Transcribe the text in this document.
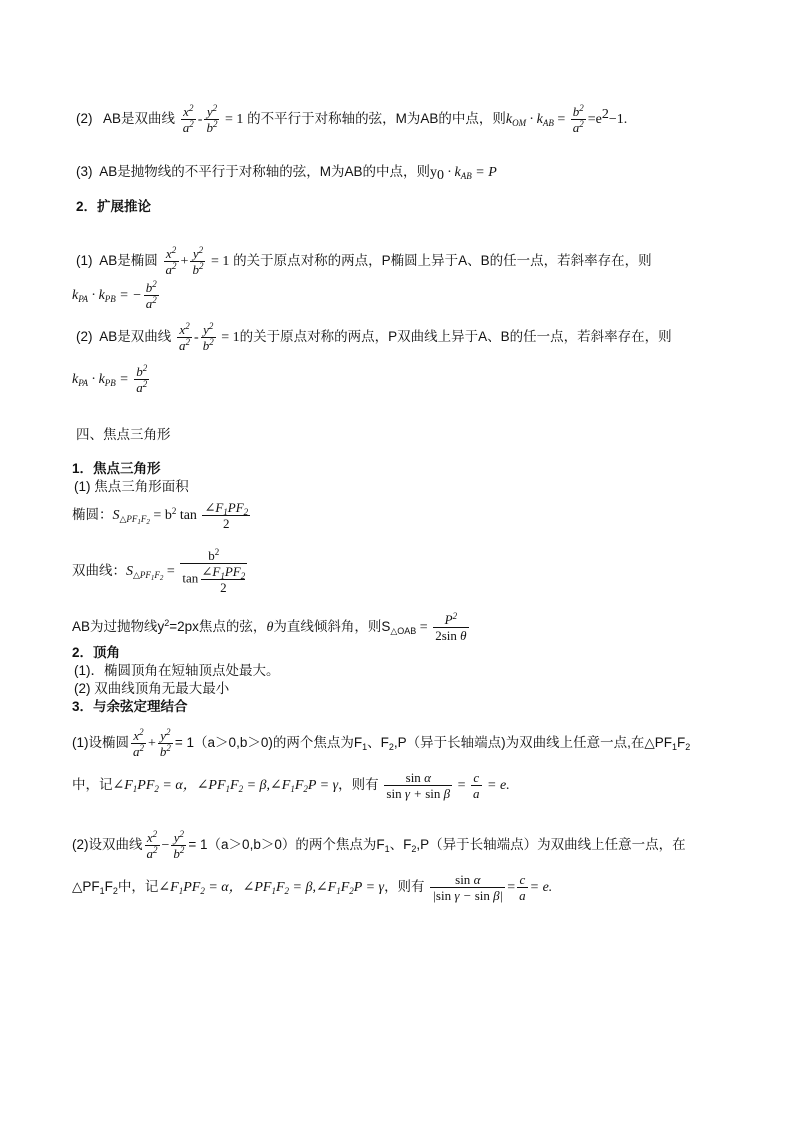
(2) AB是双曲线 $\frac{x^2}{a^2} - \frac{y^2}{b^2} = 1$ 的不平行于对称轴的弦，M为AB的中点，则$k_{OM} \cdot k_{AB} = \frac{b^2}{a^2} =e^2-1$.
(3) AB是抛物线的不平行于对称轴的弦，M为AB的中点，则$y_0 \cdot k_{AB} = P$
2．扩展推论
(1) AB是椭圆 $\frac{x^2}{a^2} + \frac{y^2}{b^2} = 1$ 的关于原点对称的两点，P椭圆上异于A、B的任一点，若斜率存在，则
$k_{PA} \cdot k_{PB}$ = − $\frac{b^2}{a^2}$
(2) AB是双曲线 $\frac{x^2}{a^2} - \frac{y^2}{b^2} = 1$的关于原点对称的两点，P双曲线上异于A、B的任一点，若斜率存在，则
$k_{PA} \cdot k_{PB} = \frac{b^2}{a^2}$
四、焦点三角形
1．焦点三角形
(1) 焦点三角形面积
椭圆：$S_{\triangle PF_1F_2} = b^2$ $\tan \frac{\angle F_1PF_2}{2}$
双曲线：$S_{\triangle PF_1F_2} = \frac{b^2}{\tan \frac{\angle F_1PF_2}{2}}$
AB为过抛物线$y^2=2px$焦点的弦，θ为直线倾斜角，则$S_{\triangle OAB} = \frac{P^2}{\text{2sin θ}}$
2．顶角
(1)．椭圆顶角在短轴顶点处最大。
(2) 双曲线顶角无最大最小
3．与余弦定理结合
(1)设椭圆 $\frac{x^2}{a^2} + \frac{y^2}{b^2} = 1(a>0,b>0)$的两个焦点为$F_1$、$F_2,P$（异于长轴端点)为双曲线上任意一点,在$\triangle PF_1F_2$
中，记$\angle F_1PF_2 = \alpha$，$\angle PF_1F_2$ = $\beta,\angle F_1F_2P = \gamma$，则有 $\frac{\text{sin α}}{\text{sin γ + sin β}} = \frac{c}{a} = e$.
(2)设双曲线 $\frac{x^2}{a^2} - \frac{y^2}{b^2} = 1(a>0,b>0)$的两个焦点为$F_1$、$F_2,P$（异于长轴端点）为双曲线上任意一点，在
$\triangle PF_1F_2$中，记$\angle F_1PF_2 = \alpha$，$\angle PF_1F_2$ = $\beta,\angle F_1F_2P = \gamma$，则有 $\frac{\text{sin α}}{\text{|sin γ − sin β|}} = \frac{c}{a} = e$.
